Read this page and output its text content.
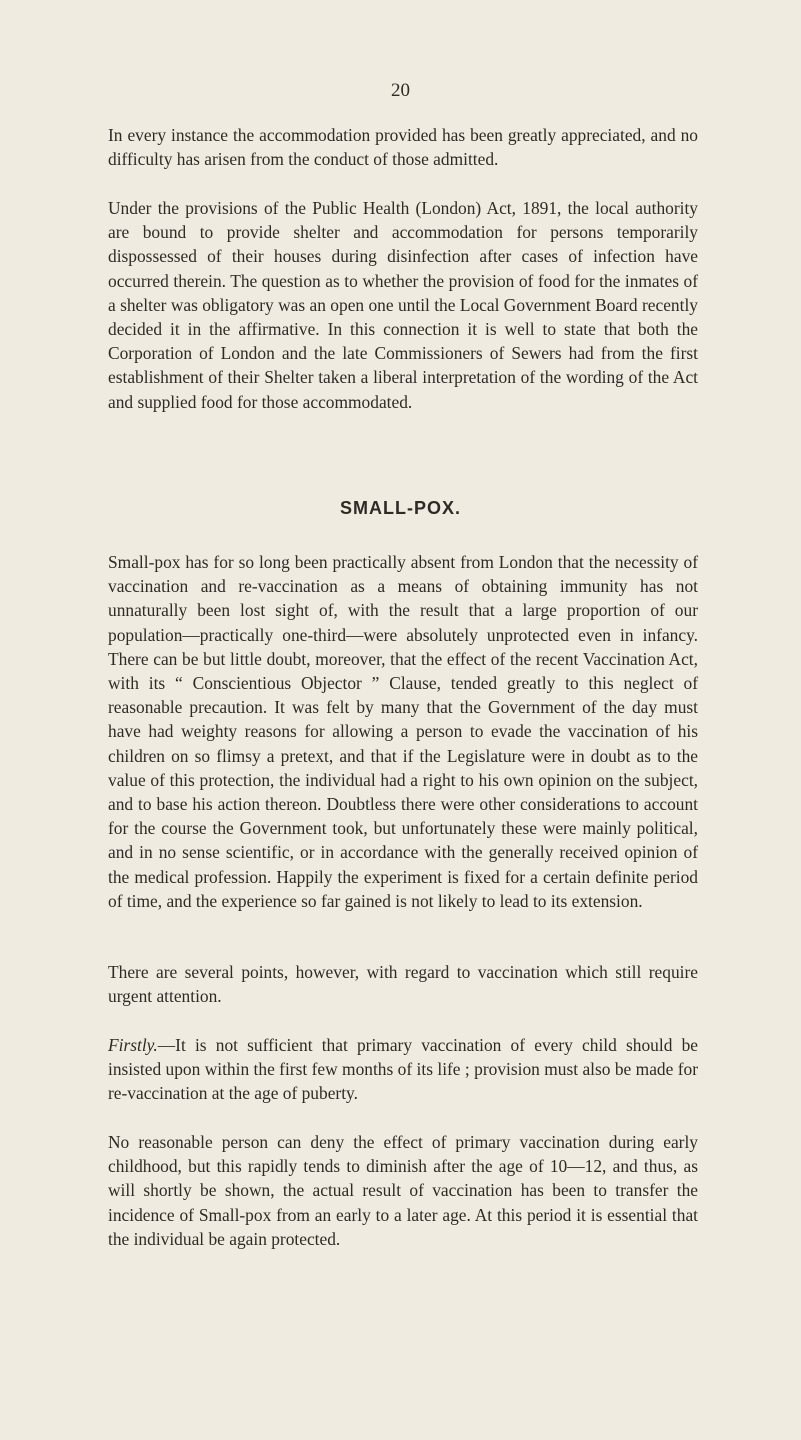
20

In every instance the accommodation provided has been greatly appreciated, and no difficulty has arisen from the conduct of those admitted.

Under the provisions of the Public Health (London) Act, 1891, the local authority are bound to provide shelter and accommodation for persons temporarily dispossessed of their houses during disinfection after cases of infection have occurred therein. The question as to whether the provision of food for the inmates of a shelter was obligatory was an open one until the Local Government Board recently decided it in the affirmative. In this connection it is well to state that both the Corporation of London and the late Commissioners of Sewers had from the first establishment of their Shelter taken a liberal interpretation of the wording of the Act and supplied food for those accommodated.

SMALL-POX.

Small-pox has for so long been practically absent from London that the necessity of vaccination and re-vaccination as a means of obtaining immunity has not unnaturally been lost sight of, with the result that a large proportion of our population—practically one-third—were absolutely unprotected even in infancy. There can be but little doubt, moreover, that the effect of the recent Vaccination Act, with its “ Conscientious Objector ” Clause, tended greatly to this neglect of reasonable precaution. It was felt by many that the Government of the day must have had weighty reasons for allowing a person to evade the vaccination of his children on so flimsy a pretext, and that if the Legislature were in doubt as to the value of this protection, the individual had a right to his own opinion on the subject, and to base his action thereon. Doubtless there were other considerations to account for the course the Government took, but unfortunately these were mainly political, and in no sense scientific, or in accordance with the generally received opinion of the medical profession. Happily the experiment is fixed for a certain definite period of time, and the experience so far gained is not likely to lead to its extension.

There are several points, however, with regard to vaccination which still require urgent attention.

Firstly.—It is not sufficient that primary vaccination of every child should be insisted upon within the first few months of its life ; provision must also be made for re-vaccination at the age of puberty.

No reasonable person can deny the effect of primary vaccination during early childhood, but this rapidly tends to diminish after the age of 10—12, and thus, as will shortly be shown, the actual result of vaccination has been to transfer the incidence of Small-pox from an early to a later age. At this period it is essential that the individual be again protected.
